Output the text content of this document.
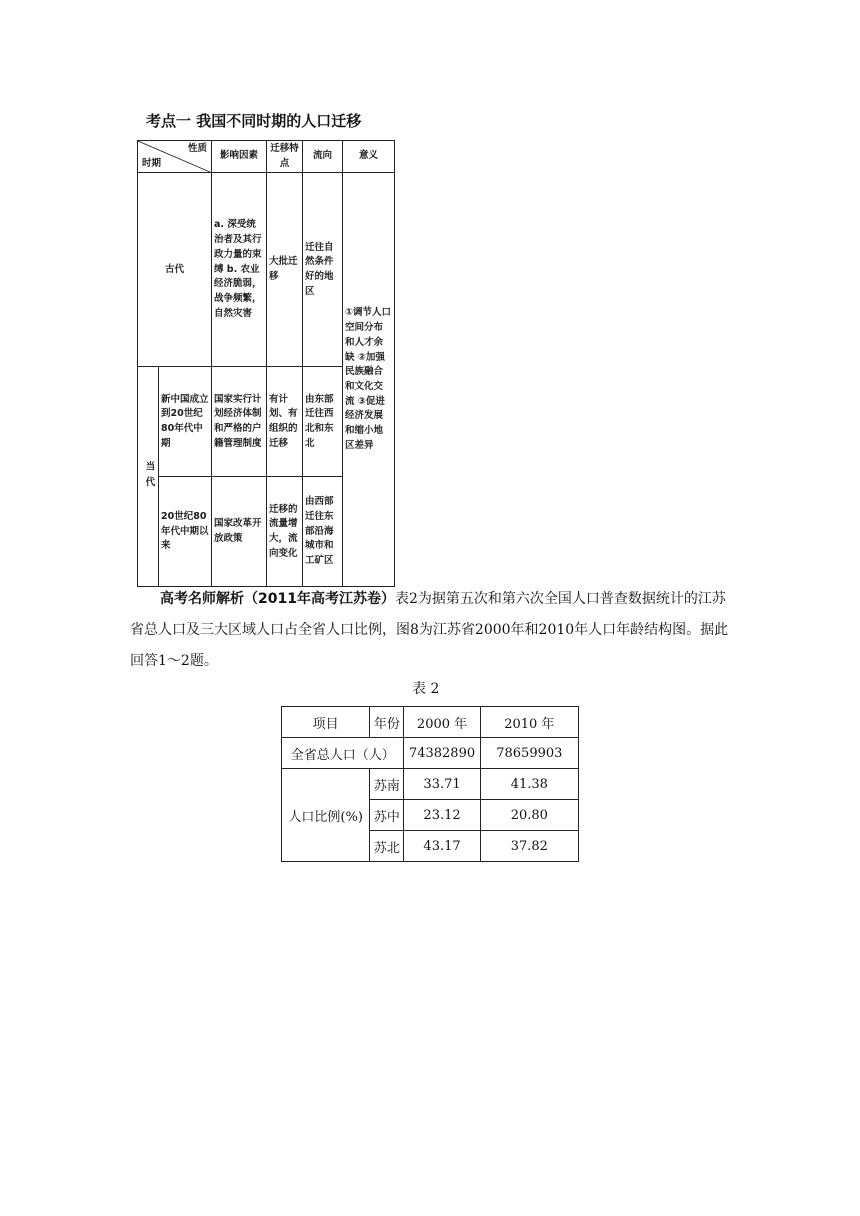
考点一 我国不同时期的人口迁移
性质
时期		影响因素	迁移特点	流向	意义
古代		a. 深受统治者及其行政力量的束缚 b. 农业经济脆弱，战争频繁，自然灾害	大批迁移	迁往自然条件好的地区	①调节人口空间分布和人才余缺 ②加强民族融合和文化交流 ③促进经济发展和缩小地区差异
当代	新中国成立到20世纪80年代中期	国家实行计划经济体制和严格的户籍管理制度	有计划、有组织的迁移	由东部迁往西北和东北	
	20世纪80年代中期以来	国家改革开放政策	迁移的流量增大，流向变化	由西部迁往东部沿海城市和工矿区	
高考名师解析（2011年高考江苏卷）表2为据第五次和第六次全国人口普查数据统计的江苏省总人口及三大区域人口占全省人口比例，图8为江苏省2000年和2010年人口年龄结构图。据此回答1～2题。
表 2
项目	年份	2000 年	2010 年
全省总人口（人）		74382890	78659903
人口比例(%)	苏南	33.71	41.38
	苏中	23.12	20.80
	苏北	43.17	37.82
